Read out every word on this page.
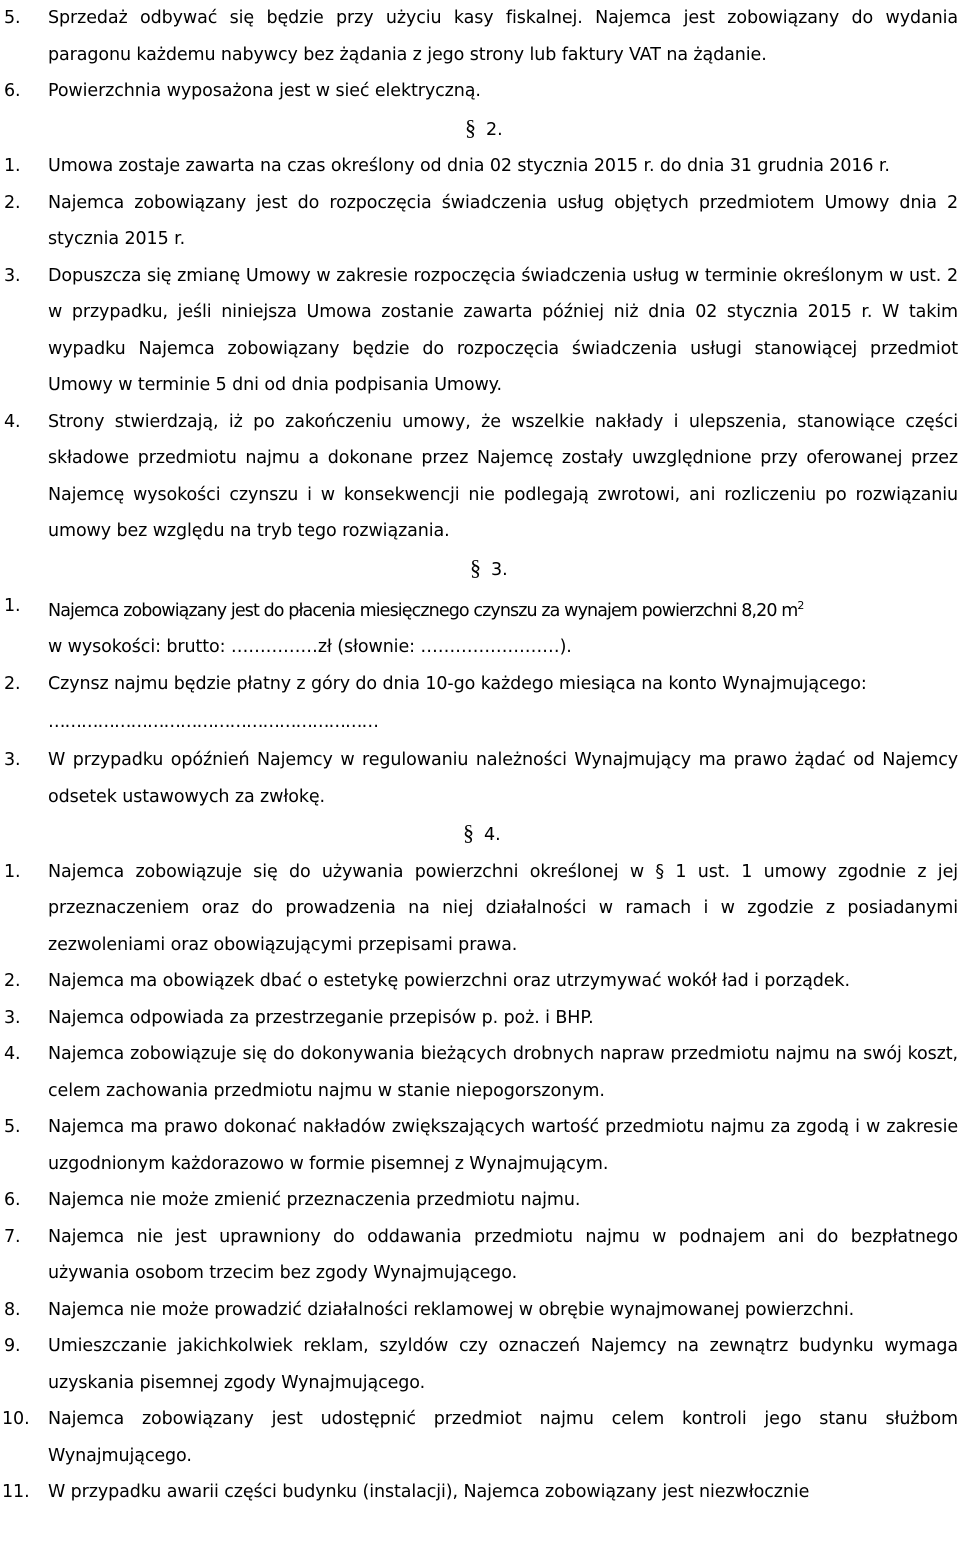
5. Sprzedaż odbywać się będzie przy użyciu kasy fiskalnej. Najemca jest zobowiązany do wydania paragonu każdemu nabywcy bez żądania z jego strony lub faktury VAT na żądanie.
6. Powierzchnia wyposażona jest w sieć elektryczną.
§ 2.
1. Umowa zostaje zawarta na czas określony od dnia 02 stycznia 2015 r. do dnia 31 grudnia 2016 r.
2. Najemca zobowiązany jest do rozpoczęcia świadczenia usług objętych przedmiotem Umowy dnia 2 stycznia 2015 r.
3. Dopuszcza się zmianę Umowy w zakresie rozpoczęcia świadczenia usług w terminie określonym w ust. 2 w przypadku, jeśli niniejsza Umowa zostanie zawarta później niż dnia 02 stycznia 2015 r. W takim wypadku Najemca zobowiązany będzie do rozpoczęcia świadczenia usługi stanowiącej przedmiot Umowy w terminie 5 dni od dnia podpisania Umowy.
4. Strony stwierdzają, iż po zakończeniu umowy, że wszelkie nakłady i ulepszenia, stanowiące części składowe przedmiotu najmu a dokonane przez Najemcę zostały uwzględnione przy oferowanej przez Najemcę wysokości czynszu i w konsekwencji nie podlegają zwrotowi, ani rozliczeniu po rozwiązaniu umowy bez względu na tryb tego rozwiązania.
§ 3.
1. Najemca zobowiązany jest do płacenia miesięcznego czynszu za wynajem powierzchni 8,20 $m^2$
w wysokości: brutto: ……………zł (słownie: ……………………).
2. Czynsz najmu będzie płatny z góry do dnia 10-go każdego miesiąca na konto Wynajmującego:
……………………………………………………
3. W przypadku opóźnień Najemcy w regulowaniu należności Wynajmujący ma prawo żądać od Najemcy odsetek ustawowych za zwłokę.
§ 4.
1. Najemca zobowiązuje się do używania powierzchni określonej w § 1 ust. 1 umowy zgodnie z jej przeznaczeniem oraz do prowadzenia na niej działalności w ramach i w zgodzie z posiadanymi zezwoleniami oraz obowiązującymi przepisami prawa.
2. Najemca ma obowiązek dbać o estetykę powierzchni oraz utrzymywać wokół ład i porządek.
3. Najemca odpowiada za przestrzeganie przepisów p. poż. i BHP.
4. Najemca zobowiązuje się do dokonywania bieżących drobnych napraw przedmiotu najmu na swój koszt, celem zachowania przedmiotu najmu w stanie niepogorszonym.
5. Najemca ma prawo dokonać nakładów zwiększających wartość przedmiotu najmu za zgodą i w zakresie uzgodnionym każdorazowo w formie pisemnej z Wynajmującym.
6. Najemca nie może zmienić przeznaczenia przedmiotu najmu.
7. Najemca nie jest uprawniony do oddawania przedmiotu najmu w podnajem ani do bezpłatnego używania osobom trzecim bez zgody Wynajmującego.
8. Najemca nie może prowadzić działalności reklamowej w obrębie wynajmowanej powierzchni.
9. Umieszczanie jakichkolwiek reklam, szyldów czy oznaczeń Najemcy na zewnątrz budynku wymaga uzyskania pisemnej zgody Wynajmującego.
10. Najemca zobowiązany jest udostępnić przedmiot najmu celem kontroli jego stanu służbom Wynajmującego.
11. W przypadku awarii części budynku (instalacji), Najemca zobowiązany jest niezwłocznie
